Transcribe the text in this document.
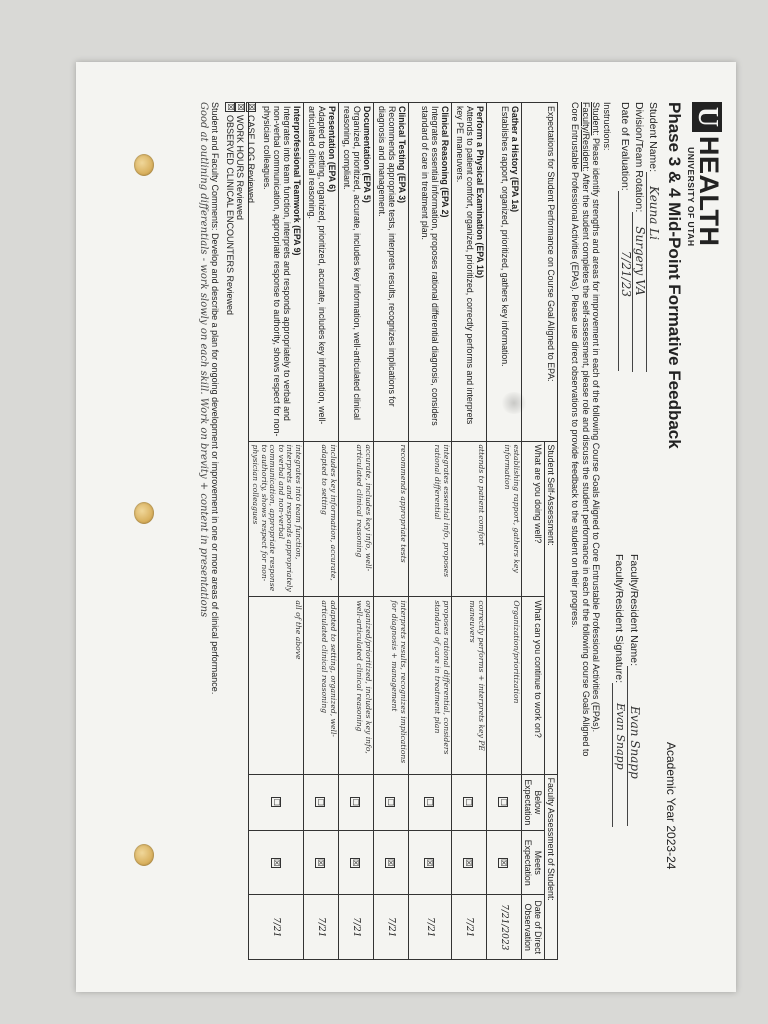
U
HEALTH
UNIVERSITY OF UTAH
Phase 3 & 4 Mid-Point Formative Feedback
Academic Year 2023-24
Student Name:
Keuna Li
Division/Team Rotation:
Surgery VA
Date of Evaluation:
7/21/23
Faculty/Resident Name:
Evan Snapp
Faculty/Resident Signature:
Evan Snapp
Instructions:
Student: Please identify strengths and areas for improvement in each of the following Course Goals Aligned to Core Entrustable Professional Activities (EPAs).
Faculty/Resident: After the student completes the self-assessment, please role and discuss the student performance in each of the following course Goals Aligned to
Core Entrustable Professional Activities (EPAs). Please use direct observations to provide feedback to the student on their progress.
Expectations for Student Performance on Course Goal Aligned to EPA:	Student Self-Assessment:		Faculty Assessment of Student:		
	What are you doing well?	What can you continue to work on?	Below Expectation	Meets Expectation	Date of Direct Observation

Gather a History (EPA 1a)
Establishes rapport, organized, prioritized, gathers key information.	establishing rapport, gathers key information	Organization/prioritization	☐	☒	7/21/2023

Perform a Physical Examination (EPA 1b)
Attends to patient comfort, organized, prioritized, correctly performs and interprets key PE maneuvers.	attends to patient comfort	correctly performs + interprets key PE maneuvers	☐	☒	7/21

Clinical Reasoning (EPA 2)
Integrates essential information, proposes rational differential diagnosis, considers standard of care in treatment plan.	integrates essential info, proposes rational differential	proposes rational differential, considers standard of care in treatment plan	☐	☒	7/21

Clinical Testing (EPA 3)
Recommends appropriate tests, interprets results, recognizes implications for diagnosis and management.	recommends appropriate tests	interprets results, recognizes implications for diagnosis + management	☐	☒	7/21

Documentation (EPA 5)
Organized, prioritized, accurate, includes key information, well-articulated clinical reasoning, compliant.	accurate, includes key info, well-articulated clinical reasoning	organized/prioritized, includes key info, well-articulated clinical reasoning	☐	☒	7/21

Presentation (EPA 6)
Adapted to setting, organized, prioritized, accurate, includes key information, well-articulated clinical reasoning.	includes key information, accurate, adapted to setting	adapted to setting, organized, well-articulated clinical reasoning	☐	☒	7/21

Interprofessional Teamwork (EPA 9)
Integrates into team function, interprets and responds appropriately to verbal and non-verbal communication, appropriate response to authority, shows respect for non-physician colleagues.	integrates into team function, interprets and responds appropriately to verbal and non-verbal communication, appropriate response to authority, shows respect for non-physician colleagues	all of the above	☐	☒	7/21
☒
CASE LOG Reviewed
☒
WORK HOURS Reviewed
☒
OBSERVED CLINICAL ENCOUNTERS Reviewed
Student and Faculty Comments: Develop and describe a plan for ongoing development or improvement in one or more areas of clinical performance.
Good at outlining differentials - work slowly on each skill. Work on brevity + content in presentations
